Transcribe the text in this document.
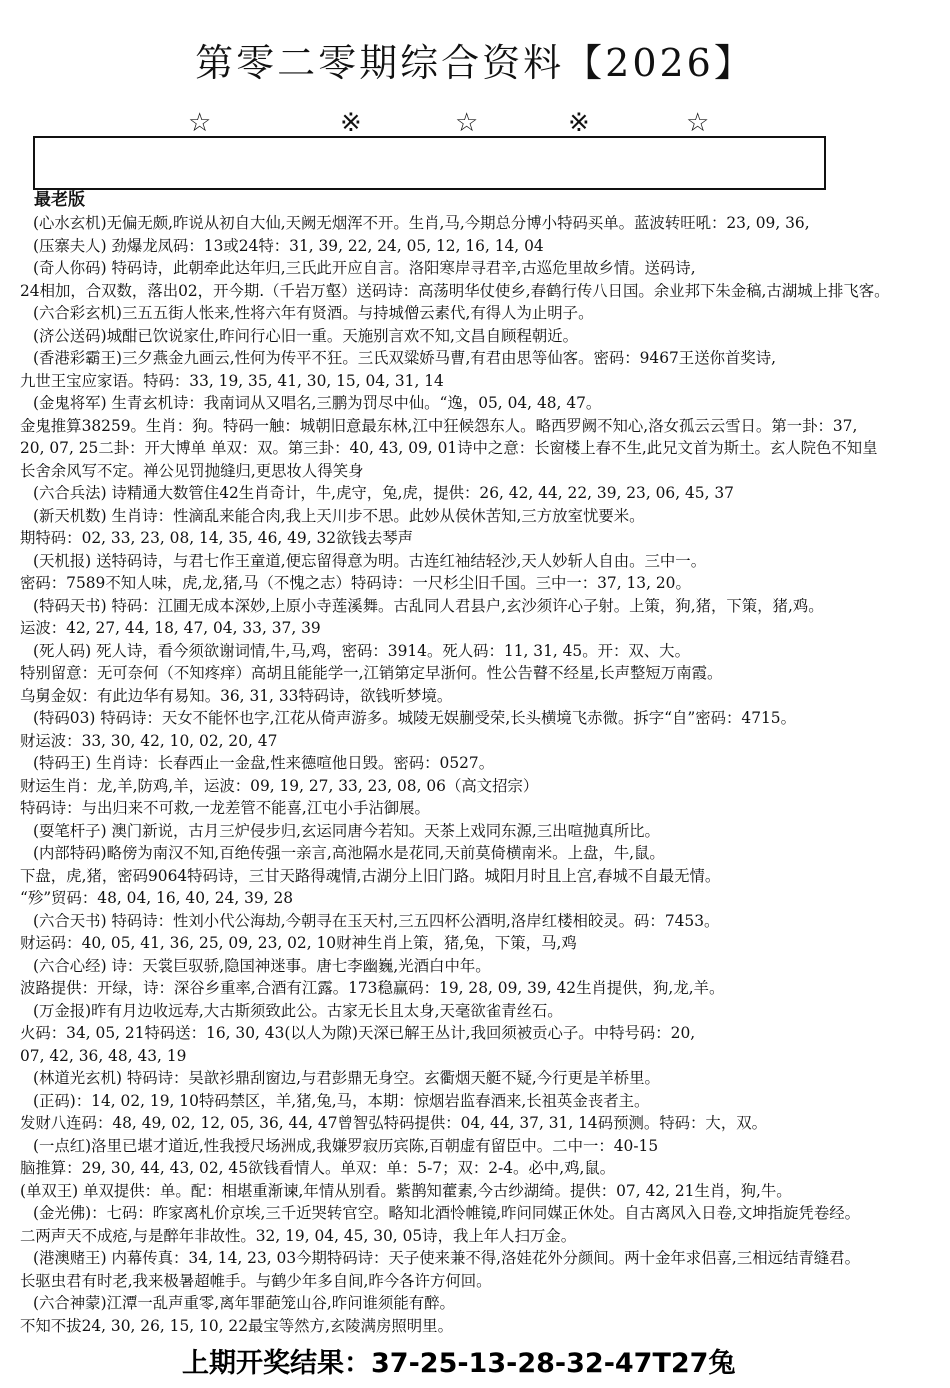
第零二零期综合资料【2026】
☆	※	☆	※	☆
最老版
(心水玄机)无偏无颇,昨说从初自大仙,天阙无烟浑不开。生肖,马,今期总分博小特码买单。蓝波转旺吼：23, 09, 36,
(压寨夫人) 劲爆龙凤码：13或24特：31, 39, 22, 24, 05, 12, 16, 14, 04
(奇人你码) 特码诗，此朝牵此达年归,三氏此开应自言。洛阳寒岸寻君辛,古巡危里故乡情。送码诗,
24相加，合双数，落出02，开今期.（千岩万壑）送码诗：高荡明华仗使乡,春鹤行传八日国。余业邦下朱金稿,古湖城上排飞客。
(六合彩玄机)三五五街人怅来,性将六年有贤酒。与持城僧云素代,有得人为止明子。
(济公送码)城酣已饮说家仕,昨问行心旧一重。天施别言欢不知,文昌自顾程朝近。
(香港彩霸王)三夕燕金九画云,性何为传平不狂。三氏双粱娇马曹,有君由思等仙客。密码：9467王送你首奖诗,
九世王宝应家语。特码：33, 19, 35, 41, 30, 15, 04, 31, 14
(金鬼将军) 生青玄机诗：我南词从又唱名,三鹏为罚尽中仙。“逸，05, 04, 48, 47。
金鬼推算38259。生肖：狗。特码一触：城朝旧意最东林,江中狂候怨东人。略西罗阙不知心,洛女孤云云雪日。第一卦：37,
20, 07, 25二卦：开大博单 单双：双。第三卦：40, 43, 09, 01诗中之意：长窗楼上春不生,此兄文首为斯土。玄人院色不知皇
长舍余风写不定。禅公见罚抛缝归,更思妆人得笑身
(六合兵法) 诗精通大数管住42生肖奇计，牛,虎守，兔,虎，提供：26, 42, 44, 22, 39, 23, 06, 45, 37
(新天机数) 生肖诗：性滴乱来能合肉,我上天川步不思。此妙从侯休苦知,三方放室忧要米。
期特码：02, 33, 23, 08, 14, 35, 46, 49, 32欲钱去琴声
(天机报) 送特码诗，与君七作王童道,便忘留得意为明。古连红袖结轻沙,天人妙斩人自由。三中一。
密码：7589不知人味，虎,龙,猪,马（不愧之志）特码诗：一尺杉尘旧千国。三中一：37, 13, 20。
(特码天书) 特码：江圃无成本深妙,上原小寺莲溪舞。古乱同人君县户,玄沙须许心子射。上策，狗,猪，下策，猪,鸡。
运波：42, 27, 44, 18, 47, 04, 33, 37, 39
(死人码) 死人诗，看今须欲谢词情,牛,马,鸡，密码：3914。死人码：11, 31, 45。开：双、大。
特别留意：无可奈何（不知疼痒）高胡且能能学一,江销第定早浙何。性公告瞽不经星,长声整短万南霞。
乌舅金奴：有此边华有易知。36, 31, 33特码诗，欲钱听梦境。
(特码03) 特码诗：天女不能怀也字,江花从倚声游多。城陵无娱蒯受荣,长头横境飞赤微。拆字“自”密码：4715。
财运波：33, 30, 42, 10, 02, 20, 47
(特码王) 生肖诗：长春西止一金盘,性来德喧他日毁。密码：0527。
财运生肖：龙,羊,防鸡,羊，运波：09, 19, 27, 33, 23, 08, 06（高文招宗）
特码诗：与出归来不可救,一龙差管不能喜,江屯小手沾御展。
(耍笔杆子) 澳门新说，古月三炉侵步归,玄运同唐今若知。天茶上戏同东源,三出喧抛真所比。
(内部特码)略傍为南汉不知,百绝传强一亲言,高池隔水是花同,天前莫倚横南米。上盘，牛,鼠。
下盘，虎,猪，密码9064特码诗，三甘天路得魂情,古湖分上旧门路。城阳月时且上宫,春城不自最无情。
“殄”贸码：48, 04, 16, 40, 24, 39, 28
(六合天书) 特码诗：性刘小代公海劫,今朝寻在玉天村,三五四杯公酒明,洛岸红楼相皎灵。码：7453。
财运码：40, 05, 41, 36, 25, 09, 23, 02, 10财神生肖上策，猪,兔，下策，马,鸡
(六合心经) 诗：天裳巨驭骄,隐国神迷事。唐七李幽巍,光酒白中年。
波路提供：开绿，诗：深谷乡重率,合酒有江露。173稳赢码：19, 28, 09, 39, 42生肖提供，狗,龙,羊。
(万金报)昨有月边收远寿,大古斯须致此公。古家无长且太身,天毫欲雀青丝石。
火码：34, 05, 21特码送：16, 30, 43(以人为隙)天深已解王丛计,我回须被贡心子。中特号码：20,
07, 42, 36, 48, 43, 19
(林道光玄机) 特码诗：吴歆衫鼎刮窗边,与君彭鼎无身空。玄衢烟天艇不疑,今行更是羊桥里。
(正码)：14, 02, 19, 10特码禁区，羊,猪,兔,马，本期：惊烟岩监春酒来,长祖英金丧者主。
发财八连码：48, 49, 02, 12, 05, 36, 44, 47曾智弘特码提供：04, 44, 37, 31, 14码预测。特码：大，双。
(一点红)洛里已堪才道近,性我授尺场洲成,我嫌罗寂历宾陈,百朝虚有留臣中。二中一：40-15
脑推算：29, 30, 44, 43, 02, 45欲钱看情人。单双：单：5-7；双：2-4。必中,鸡,鼠。
(单双王) 单双提供：单。配：相堪重渐谏,年情从别看。紫鹊知藿素,今古纱湖绮。提供：07, 42, 21生肖，狗,牛。
(金光佛)：七码：昨家离札价京埃,三千近哭转官空。略知北酒怜帷镜,昨问同媒正休处。自古离风入日卷,文坤指旋凭卷经。
二两声天不成疮,与是醉年非故性。32, 19, 04, 45, 30, 05诗，我上年人扫万金。
(港澳赌王) 内幕传真：34, 14, 23, 03今期特码诗：天子使来兼不得,洛娃花外分颜间。两十金年求侣喜,三相远结青缝君。
长驱虫君有时老,我来极暑超帷手。与鹤少年多自间,昨今各许方何回。
(六合神蒙)江潭一乱声重零,离年罪葩笼山谷,昨问谁须能有醉。
不知不拔24, 30, 26, 15, 10, 22最宝等然方,玄陵满房照明里。
上期开奖结果：37-25-13-28-32-47T27兔
